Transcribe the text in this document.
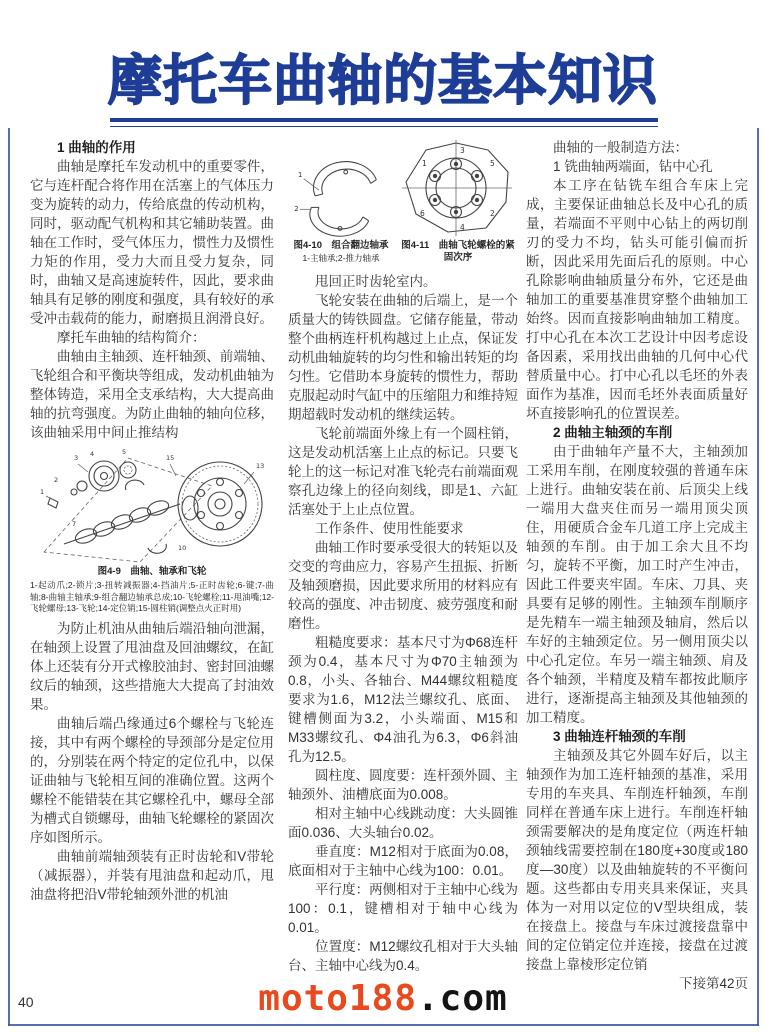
摩托车曲轴的基本知识

1 曲轴的作用

曲轴是摩托车发动机中的重要零件，它与连杆配合将作用在活塞上的气体压力变为旋转的动力，传给底盘的传动机构，同时，驱动配气机构和其它辅助装置。曲轴在工作时，受气体压力，惯性力及惯性力矩的作用，受力大而且受力复杂，同时，曲轴又是高速旋转件，因此，要求曲轴具有足够的刚度和强度，具有较好的承受冲击载荷的能力，耐磨损且润滑良好。

摩托车曲轴的结构简介：

曲轴由主轴颈、连杆轴颈、前端轴、飞轮组合和平衡块等组成，发动机曲轴为整体铸造，采用全支承结构，大大提高曲轴的抗弯强度。为防止曲轴的轴向位移，该曲轴采用中间止推结构

1
2
3 4	5
7
10
13
15
图4-9　曲轴、轴承和飞轮
1-起动爪;2-锁片;3-扭转减振器;4-挡油片;5-正时齿轮;6-键;7-曲轴;8-曲轴主轴承;9-组合翻边轴承总成;10-飞轮螺栓;11-甩油嘴;12-飞轮螺母;13-飞轮;14-定位销;15-圆柱销(调整点火正时用)

为防止机油从曲轴后端沿轴向泄漏，在轴颈上设置了甩油盘及回油螺纹，在缸体上还装有分开式橡胶油封、密封回油螺纹后的轴颈，这些措施大大提高了封油效果。

曲轴后端凸缘通过6个螺栓与飞轮连接，其中有两个螺栓的导颈部分是定位用的，分别装在两个特定的定位孔中，以保证曲轴与飞轮相互间的准确位置。这两个螺栓不能错装在其它螺栓孔中，螺母全部为槽式自锁螺母，曲轴飞轮螺栓的紧固次序如图所示。

曲轴前端轴颈装有正时齿轮和V带轮（减振器），并装有甩油盘和起动爪，甩油盘将把沿V带轮轴颈外泄的机油

1
2
图4-10　组合翻边轴承
1-主轴承;2-推力轴承
1
3
5
2
4
6
图4-11　曲轴飞轮螺栓的紧固次序

甩回正时齿轮室内。

飞轮安装在曲轴的后端上，是一个质量大的铸铁圆盘。它储存能量，带动整个曲柄连杆机构越过上止点，保证发动机曲轴旋转的均匀性和输出转矩的均匀性。它借助本身旋转的惯性力，帮助克服起动时气缸中的压缩阻力和维持短期超载时发动机的继续运转。

飞轮前端面外缘上有一个圆柱销，这是发动机活塞上止点的标记。只要飞轮上的这一标记对准飞轮壳右前端面观察孔边缘上的径向刻线，即是1、六缸活塞处于上止点位置。

工作条件、使用性能要求

曲轴工作时要承受很大的转矩以及交变的弯曲应力，容易产生扭振、折断及轴颈磨损，因此要求所用的材料应有较高的强度、冲击韧度、疲劳强度和耐磨性。

粗糙度要求：基本尺寸为Φ68连杆颈为0.4，基本尺寸为Φ70主轴颈为0.8，小头、各轴台、M44螺纹粗糙度要求为1.6，M12法兰螺纹孔、底面、键槽侧面为3.2，小头端面、M15和M33螺纹孔、Φ4油孔为6.3，Φ6斜油孔为12.5。

圆柱度、圆度要：连杆颈外圆、主轴颈外、油槽底面为0.008。

相对主轴中心线跳动度：大头圆锥面0.036、大头轴台0.02。

垂直度：M12相对于底面为0.08，底面相对于主轴中心线为100：0.01。

平行度：两侧相对于主轴中心线为100：0.1，键槽相对于轴中心线为0.01。

位置度：M12螺纹孔相对于大头轴台、主轴中心线为0.4。

曲轴的一般制造方法：

1 铣曲轴两端面，钻中心孔

本工序在钻铣车组合车床上完成，主要保证曲轴总长及中心孔的质量，若端面不平则中心钻上的两切削刃的受力不均，钻头可能引偏而折断，因此采用先面后孔的原则。中心孔除影响曲轴质量分布外，它还是曲轴加工的重要基准贯穿整个曲轴加工始终。因而直接影响曲轴加工精度。打中心孔在本次工艺设计中因考虑设备因素，采用找出曲轴的几何中心代替质量中心。打中心孔以毛坯的外表面作为基准，因而毛坯外表面质量好坏直接影响孔的位置误差。

2 曲轴主轴颈的车削

由于曲轴年产量不大，主轴颈加工采用车削，在刚度较强的普通车床上进行。曲轴安装在前、后顶尖上线一端用大盘夹住而另一端用顶尖顶住，用硬质合金车几道工序上完成主轴颈的车削。由于加工余大且不均匀，旋转不平衡，加工时产生冲击，因此工件要夹牢固。车床、刀具、夹具要有足够的刚性。主轴颈车削顺序是先精车一端主轴颈及轴肩，然后以车好的主轴颈定位。另一侧用顶尖以中心孔定位。车另一端主轴颈、肩及各个轴颈，半精度及精车都按此顺序进行，逐渐提高主轴颈及其他轴颈的加工精度。

3 曲轴连杆轴颈的车削

主轴颈及其它外圆车好后，以主轴颈作为加工连杆轴颈的基准，采用专用的车夹具、车削连杆轴颈，车削同样在普通车床上进行。车削连杆轴颈需要解决的是角度定位（两连杆轴颈轴线需要控制在180度+30度或180度—30度）以及曲轴旋转的不平衡问题。这些都由专用夹具来保证，夹具体为一对用以定位的V型块组成，装在接盘上。接盘与车床过渡接盘靠中间的定位销定位并连接，接盘在过渡接盘上靠棱形定位销

下接第42页

40	moto188.com
